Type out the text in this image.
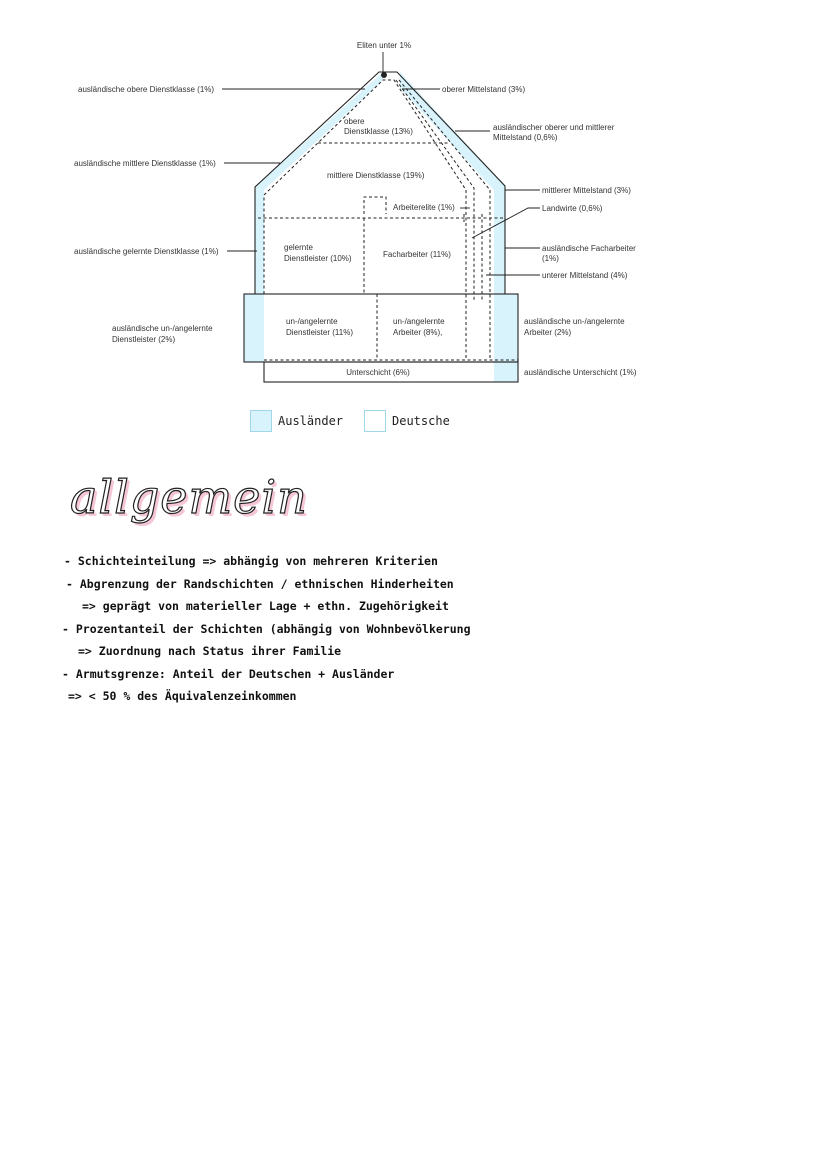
Eliten unter 1%
obere
Dienstklasse (13%)
mittlere Dienstklasse (19%)
Arbeiterelite (1%)
gelernte
Dienstleister (10%)	Facharbeiter (11%)
un-/angelernte
Dienstleister (11%)
un-/angelernte
Arbeiter (8%),
Unterschicht (6%)
ausländische obere Dienstklasse (1%)
ausländische mittlere Dienstklasse (1%)
ausländische gelernte Dienstklasse (1%)
ausländische un-/angelernte
Dienstleister (2%)
oberer Mittelstand (3%)
ausländischer oberer und mittlerer
Mittelstand (0,6%)
mittlerer Mittelstand (3%)
Landwirte (0,6%)
ausländische Facharbeiter
(1%)
unterer Mittelstand (4%)
ausländische un-/angelernte
Arbeiter (2%)
ausländische Unterschicht (1%)
Ausländer	Deutsche
allgemein
- Schichteinteilung => abhängig von mehreren Kriterien
- Abgrenzung der Randschichten / ethnischen Hinderheiten
=> geprägt von materieller Lage + ethn. Zugehörigkeit
- Prozentanteil der Schichten (abhängig von Wohnbevölkerung
=> Zuordnung nach Status ihrer Familie
- Armutsgrenze: Anteil der Deutschen + Ausländer
=> < 50 % des Äquivalenzeinkommen
